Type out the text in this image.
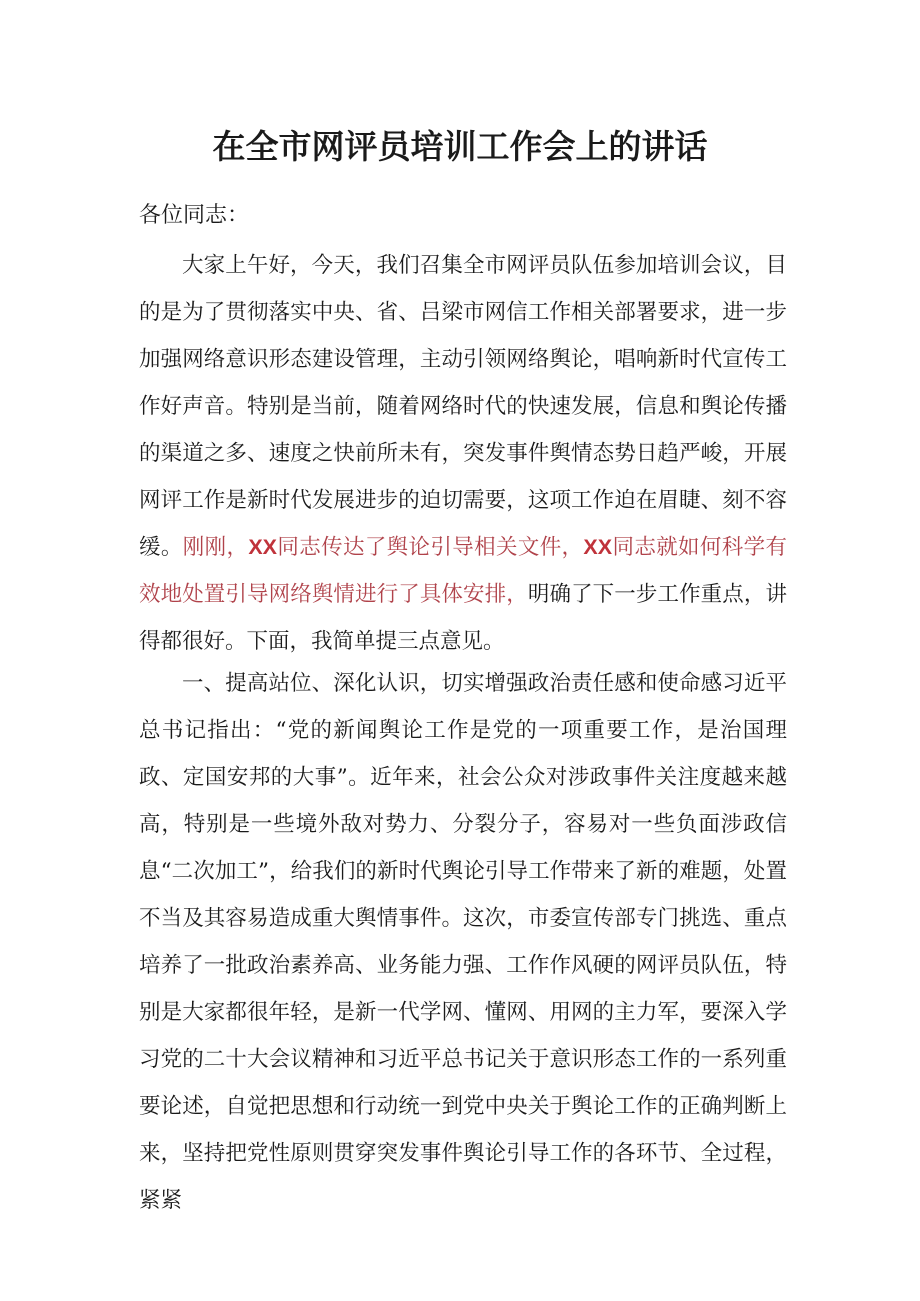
在全市网评员培训工作会上的讲话
各位同志：

大家上午好，今天，我们召集全市网评员队伍参加培训会议，目的是为了贯彻落实中央、省、吕梁市网信工作相关部署要求，进一步加强网络意识形态建设管理，主动引领网络舆论，唱响新时代宣传工作好声音。特别是当前，随着网络时代的快速发展，信息和舆论传播的渠道之多、速度之快前所未有，突发事件舆情态势日趋严峻，开展网评工作是新时代发展进步的迫切需要，这项工作迫在眉睫、刻不容缓。刚刚，XX同志传达了舆论引导相关文件，XX同志就如何科学有效地处置引导网络舆情进行了具体安排，明确了下一步工作重点，讲得都很好。下面，我简单提三点意见。

一、提高站位、深化认识，切实增强政治责任感和使命感习近平总书记指出：“党的新闻舆论工作是党的一项重要工作，是治国理政、定国安邦的大事”。近年来，社会公众对涉政事件关注度越来越高，特别是一些境外敌对势力、分裂分子，容易对一些负面涉政信息“二次加工”，给我们的新时代舆论引导工作带来了新的难题，处置不当及其容易造成重大舆情事件。这次，市委宣传部专门挑选、重点培养了一批政治素养高、业务能力强、工作作风硬的网评员队伍，特别是大家都很年轻，是新一代学网、懂网、用网的主力军，要深入学习党的二十大会议精神和习近平总书记关于意识形态工作的一系列重要论述，自觉把思想和行动统一到党中央关于舆论工作的正确判断上来，坚持把党性原则贯穿突发事件舆论引导工作的各环节、全过程，紧紧
